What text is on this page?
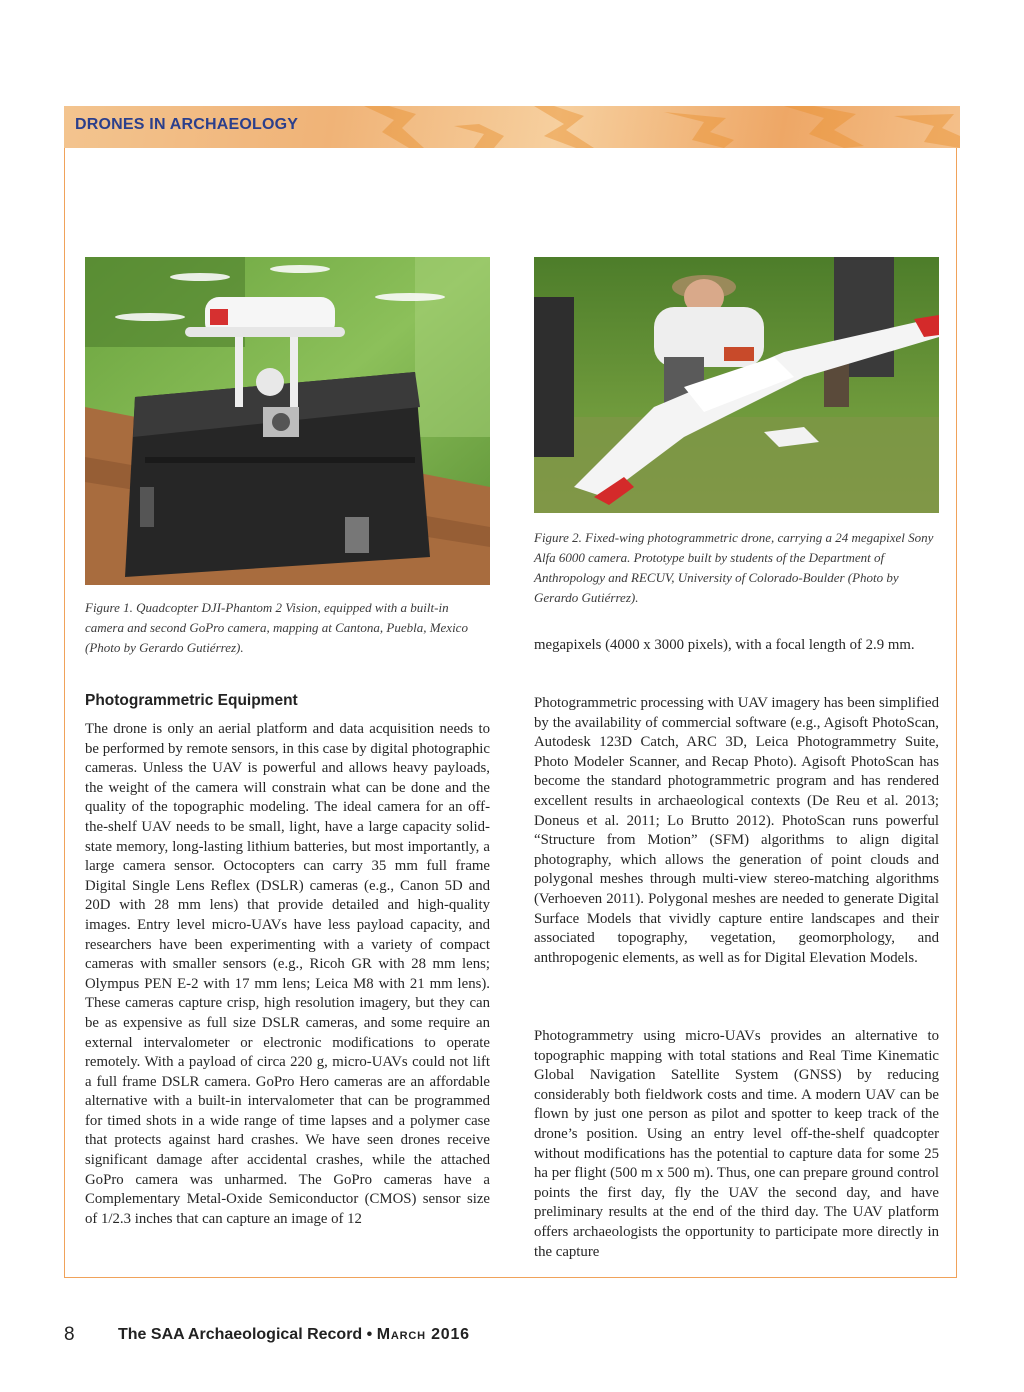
DRONES IN ARCHAEOLOGY

Figure 1. Quadcopter DJI-Phantom 2 Vision, equipped with a built-in camera and second GoPro camera, mapping at Cantona, Puebla, Mexico (Photo by Gerardo Gutiérrez).

Figure 2. Fixed-wing photogrammetric drone, carrying a 24 megapixel Sony Alfa 6000 camera. Prototype built by students of the Department of Anthropology and RECUV, University of Colorado-Boulder (Photo by Gerardo Gutiérrez).

Photogrammetric Equipment

The drone is only an aerial platform and data acquisition needs to be performed by remote sensors, in this case by digital photographic cameras. Unless the UAV is powerful and allows heavy payloads, the weight of the camera will constrain what can be done and the quality of the topographic modeling. The ideal camera for an off-the-shelf UAV needs to be small, light, have a large capacity solid-state memory, long-lasting lithium batteries, but most importantly, a large camera sensor. Octocopters can carry 35 mm full frame Digital Single Lens Reflex (DSLR) cameras (e.g., Canon 5D and 20D with 28 mm lens) that provide detailed and high-quality images. Entry level micro-UAVs have less payload capacity, and researchers have been experimenting with a variety of compact cameras with smaller sensors (e.g., Ricoh GR with 28 mm lens; Olympus PEN E-2 with 17 mm lens; Leica M8 with 21 mm lens). These cameras capture crisp, high resolution imagery, but they can be as expensive as full size DSLR cameras, and some require an external intervalometer or electronic modifications to operate remotely. With a payload of circa 220 g, micro-UAVs could not lift a full frame DSLR camera. GoPro Hero cameras are an affordable alternative with a built-in intervalometer that can be programmed for timed shots in a wide range of time lapses and a polymer case that protects against hard crashes. We have seen drones receive significant damage after accidental crashes, while the attached GoPro camera was unharmed. The GoPro cameras have a Complementary Metal-Oxide Semiconductor (CMOS) sensor size of 1/2.3 inches that can capture an image of 12

megapixels (4000 x 3000 pixels), with a focal length of 2.9 mm.

Photogrammetric processing with UAV imagery has been simplified by the availability of commercial software (e.g., Agisoft PhotoScan, Autodesk 123D Catch, ARC 3D, Leica Photogrammetry Suite, Photo Modeler Scanner, and Recap Photo). Agisoft PhotoScan has become the standard photogrammetric program and has rendered excellent results in archaeological contexts (De Reu et al. 2013; Doneus et al. 2011; Lo Brutto 2012). PhotoScan runs powerful “Structure from Motion” (SFM) algorithms to align digital photography, which allows the generation of point clouds and polygonal meshes through multi-view stereo-matching algorithms (Verhoeven 2011). Polygonal meshes are needed to generate Digital Surface Models that vividly capture entire landscapes and their associated topography, vegetation, geomorphology, and anthropogenic elements, as well as for Digital Elevation Models.

Photogrammetry using micro-UAVs provides an alternative to topographic mapping with total stations and Real Time Kinematic Global Navigation Satellite System (GNSS) by reducing considerably both fieldwork costs and time. A modern UAV can be flown by just one person as pilot and spotter to keep track of the drone’s position. Using an entry level off-the-shelf quadcopter without modifications has the potential to capture data for some 25 ha per flight (500 m x 500 m). Thus, one can prepare ground control points the first day, fly the UAV the second day, and have preliminary results at the end of the third day. The UAV platform offers archaeologists the opportunity to participate more directly in the capture

8	The SAA Archaeological Record • March 2016
